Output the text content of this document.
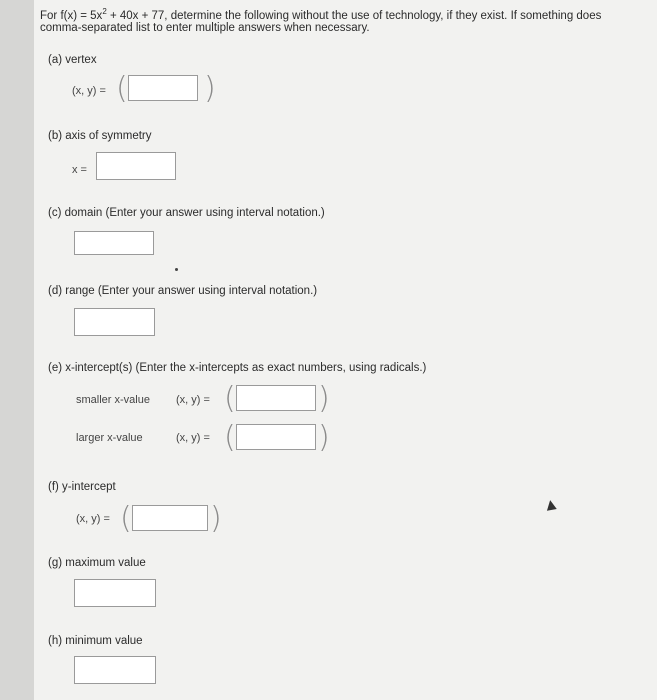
For $f(x) = 5x^2 + 40x + 77$, determine the following without the use of technology, if they exist. If something does
comma-separated list to enter multiple answers when necessary.
(a) vertex
(x, y) = (	)
(b) axis of symmetry
x =
(c) domain (Enter your answer using interval notation.)
(d) range (Enter your answer using interval notation.)
(e) x-intercept(s) (Enter the x-intercepts as exact numbers, using radicals.)
smaller x-value (x, y) = (	)
larger x-value	(x, y) = (	)
(f) y-intercept
(x, y) = (	)
(g) maximum value
(h) minimum value
